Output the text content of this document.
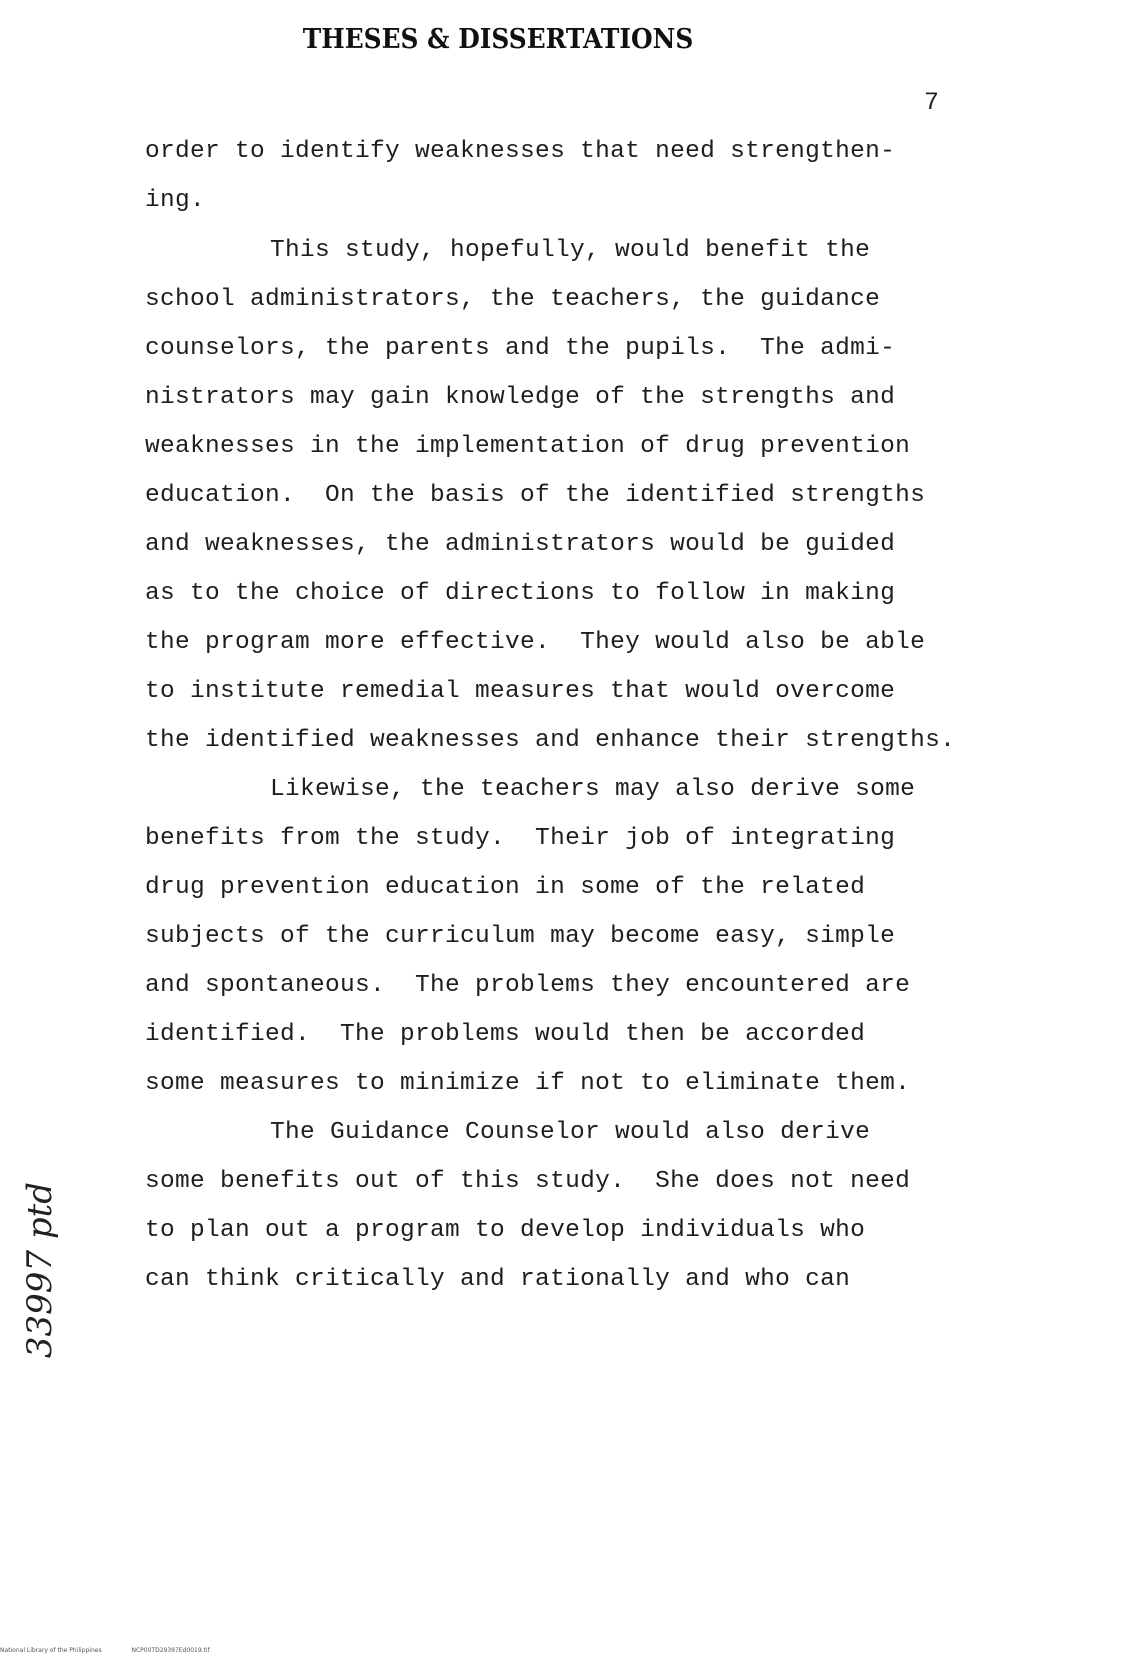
THESES & DISSERTATIONS
7
order to identify weaknesses that need strengthen-
ing.
This study, hopefully, would benefit the
school administrators, the teachers, the guidance
counselors, the parents and the pupils.  The admi-
nistrators may gain knowledge of the strengths and
weaknesses in the implementation of drug prevention
education.  On the basis of the identified strengths
and weaknesses, the administrators would be guided
as to the choice of directions to follow in making
the program more effective.  They would also be able
to institute remedial measures that would overcome
the identified weaknesses and enhance their strengths.
Likewise, the teachers may also derive some
benefits from the study.  Their job of integrating
drug prevention education in some of the related
subjects of the curriculum may become easy, simple
and spontaneous.  The problems they encountered are
identified.  The problems would then be accorded
some measures to minimize if not to eliminate them.
The Guidance Counselor would also derive
some benefits out of this study.  She does not need
to plan out a program to develop individuals who
can think critically and rationally and who can
33997 ptd
National Library of the Philippines	NCP00TD29397Ed0019.tif
